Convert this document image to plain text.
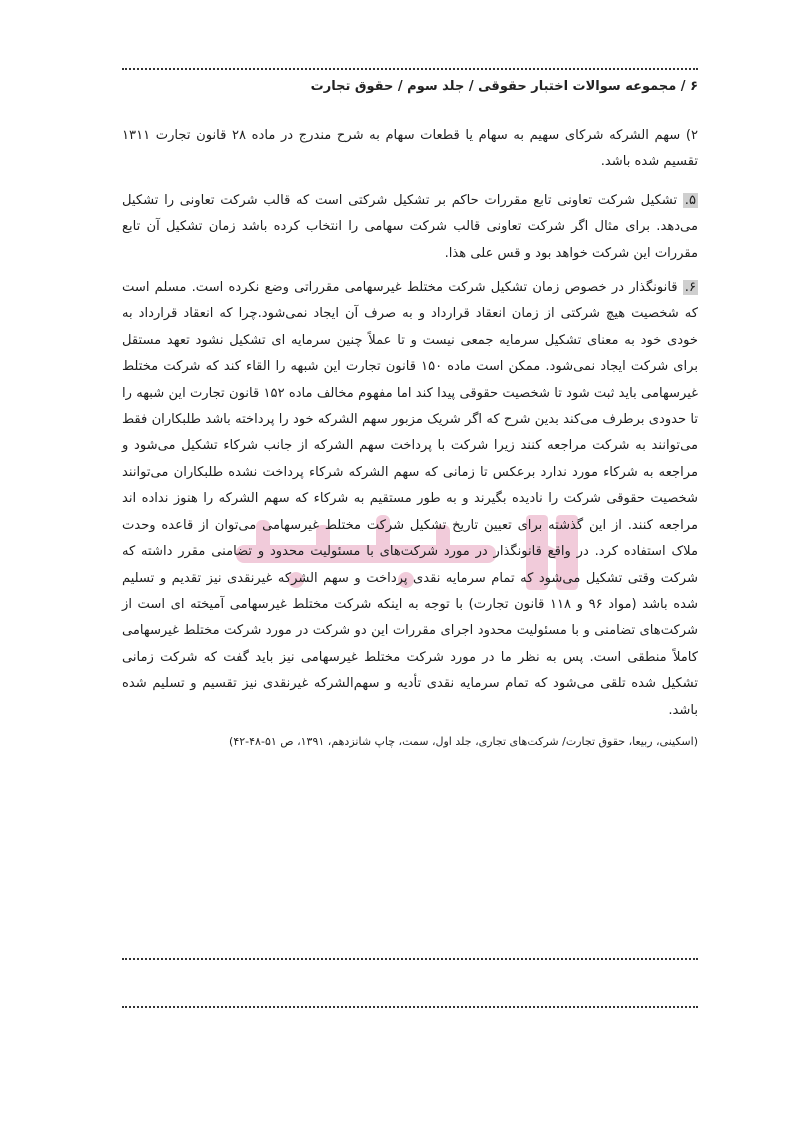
۶ / مجموعه سوالات اختبار حقوقی / جلد سوم / حقوق تجارت

۲) سهم الشرکه شرکای سهیم به سهام یا قطعات سهام به شرح مندرج در ماده ۲۸ قانون تجارت ۱۳۱۱ تقسیم شده باشد.

۵. تشکیل شرکت تعاونی تابع مقررات حاکم بر تشکیل شرکتی است که قالب شرکت تعاونی را تشکیل می‌دهد. برای مثال اگر شرکت تعاونی قالب شرکت سهامی را انتخاب کرده باشد زمان تشکیل آن تابع مقررات این شرکت خواهد بود و قس علی هذا.

۶. قانونگذار در خصوص زمان تشکیل شرکت مختلط غیرسهامی مقرراتی وضع نکرده است. مسلم است که شخصیت هیچ شرکتی از زمان انعقاد قرارداد و به صرف آن ایجاد نمی‌شود.چرا که انعقاد قرارداد به خودی خود به معنای تشکیل سرمایه جمعی نیست و تا عملاً چنین سرمایه ای تشکیل نشود تعهد مستقل برای شرکت ایجاد نمی‌شود. ممکن است ماده ۱۵۰ قانون تجارت این شبهه را القاء کند که شرکت مختلط غیرسهامی باید ثبت شود تا شخصیت حقوقی پیدا کند اما مفهوم مخالف ماده ۱۵۲ قانون تجارت این شبهه را تا حدودی برطرف می‌کند بدین شرح که اگر شریک مزبور سهم الشرکه خود را پرداخته باشد طلبکاران فقط می‌توانند به شرکت مراجعه کنند زیرا شرکت با پرداخت سهم الشرکه از جانب شرکاء تشکیل می‌شود و مراجعه به شرکاء مورد ندارد برعکس تا زمانی که سهم الشرکه شرکاء پرداخت نشده طلبکاران می‌توانند شخصیت حقوقی شرکت را نادیده بگیرند و به طور مستقیم به شرکاء که سهم الشرکه را هنوز نداده اند مراجعه کنند. از این گذشته برای تعیین تاریخ تشکیل شرکت مختلط غیرسهامی می‌توان از قاعده وحدت ملاک استفاده کرد. در واقع قانونگذار در مورد شرکت‌های با مسئولیت محدود و تضامنی مقرر داشته که شرکت وقتی تشکیل می‌شود که تمام سرمایه نقدی پرداخت و سهم الشرکه غیرنقدی نیز تقدیم و تسلیم شده باشد (مواد ۹۶ و ۱۱۸ قانون تجارت) با توجه به اینکه شرکت مختلط غیرسهامی آمیخته ای است از شرکت‌های تضامنی و با مسئولیت محدود اجرای مقررات این دو شرکت در مورد شرکت مختلط غیرسهامی کاملاً منطقی است. پس به نظر ما در مورد شرکت مختلط غیرسهامی نیز باید گفت که شرکت زمانی تشکیل شده تلقی می‌شود که تمام سرمایه نقدی تأدیه و سهم‌الشرکه غیرنقدی نیز تقسیم و تسلیم شده باشد.

(اسکینی، ربیعا، حقوق تجارت/ شرکت‌های تجاری، جلد اول، سمت، چاپ شانزدهم، ۱۳۹۱، ص ۵۱-۴۸-۴۲)
